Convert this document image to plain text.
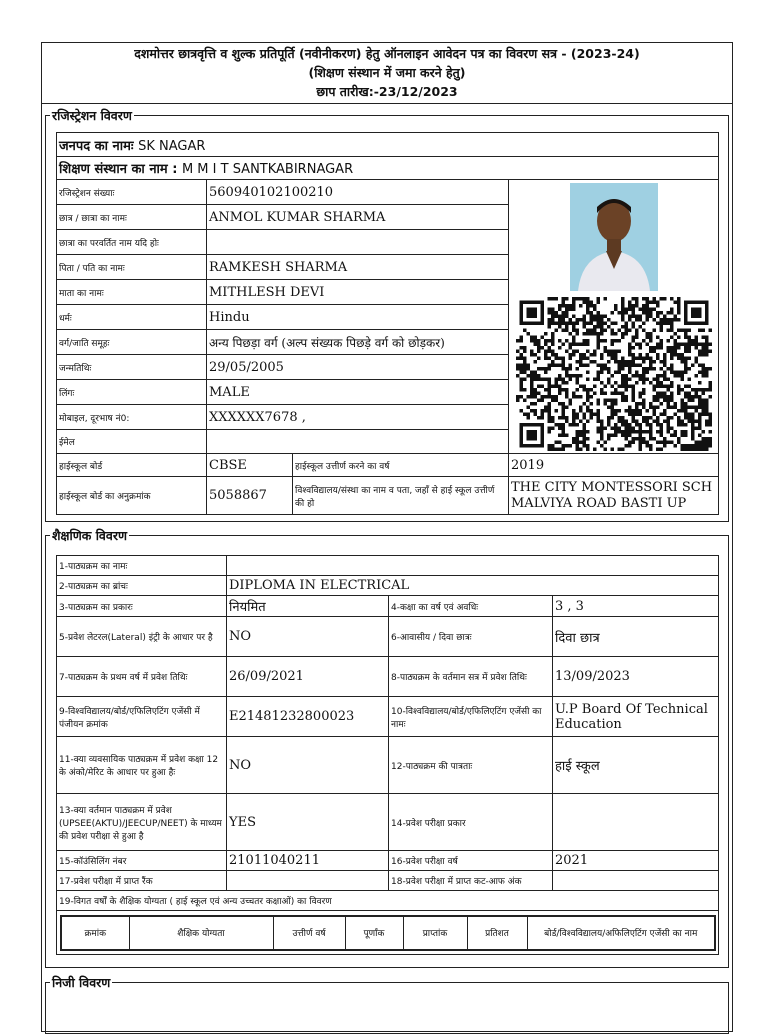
दशमोत्तर छात्रवृत्ति व शुल्क प्रतिपूर्ति (नवीनीकरण) हेतु ऑनलाइन आवेदन पत्र का विवरण सत्र - (2023-24)
(शिक्षण संस्थान में जमा करने हेतु)
छाप तारीख:-23/12/2023
रजिस्ट्रेशन विवरण
जनपद का नामः SK NAGAR			
शिक्षण संस्थान का नाम : M M I T SANTKABIRNAGAR			
रजिस्ट्रेशन संख्याः	560940102100210	

छात्र / छात्रा का नामः	ANMOL KUMAR SHARMA		
छात्रा का परवर्तित नाम यदि होः			
पिता / पति का नामः	RAMKESH SHARMA		
माता का नामः	MITHLESH DEVI		
धर्मः	Hindu		
वर्ग/जाति समूहः	अन्य पिछड़ा वर्ग (अल्प संख्यक पिछड़े वर्ग को छोड़कर)		
जन्मतिथिः	29/05/2005		
लिंगः	MALE		
मोबाइल, दूरभाष नं0:	XXXXXX7678 ,		
ईमेल			
हाईस्कूल बोर्ड	CBSE	हाईस्कूल उत्तीर्ण करने का वर्ष	2019
हाईस्कूल बोर्ड का अनुक्रमांक	5058867	विश्वविद्यालय/संस्था का नाम व पता, जहाँ से हाई स्कूल उत्तीर्ण की हो	THE CITY MONTESSORI SCH MALVIYA ROAD BASTI UP
शैक्षणिक विवरण
1-पाठ्यक्रम का नामः	
2-पाठ्यक्रम का ब्रांचः	DIPLOMA IN ELECTRICAL
3-पाठ्यक्रम का प्रकारः	नियमित	4-कक्षा का वर्ष एवं अवधिः	3 , 3
5-प्रवेश लेटरल(Lateral) इंट्री के आधार पर है	NO	6-आवासीय / दिवा छात्रः	दिवा छात्र
7-पाठ्यक्रम के प्रथम वर्ष में प्रवेश तिथिः	26/09/2021	8-पाठ्यक्रम के वर्तमान सत्र में प्रवेश तिथिः	13/09/2023
9-विश्वविद्यालय/बोर्ड/एफिलिएटिंग एजेंसी में पंजीयन क्रमांक	E21481232800023	10-विश्वविद्यालय/बोर्ड/एफिलिएटिंग एजेंसी का नामः	U.P Board Of Technical Education
11-क्या व्यवसायिक पाठ्यक्रम में प्रवेश कक्षा 12 के अंको/मेरिट के आधार पर हुआ हैः	NO	12-पाठ्यक्रम की पात्रताः	हाई स्कूल
13-क्या वर्तमान पाठ्यक्रम में प्रवेश (UPSEE(AKTU)/JEECUP/NEET) के माध्यम की प्रवेश परीक्षा से हुआ है	YES	14-प्रवेश परीक्षा प्रकार	
15-कॉउंसिलिंग नंबर	21011040211	16-प्रवेश परीक्षा वर्ष	2021
17-प्रवेश परीक्षा में प्राप्त रैंक		18-प्रवेश परीक्षा में प्राप्त कट-आफ अंक	
19-विगत वर्षों के शैक्षिक योग्यता ( हाई स्कूल एवं अन्य उच्चतर कक्षाओं) का विवरण

क्रमांक	शैक्षिक योग्यता	उत्तीर्ण वर्ष	पूर्णांक	प्राप्तांक	प्रतिशत	बोर्ड/विश्वविद्यालय/अफिलिएटिंग एजेंसी का नाम
निजी विवरण
